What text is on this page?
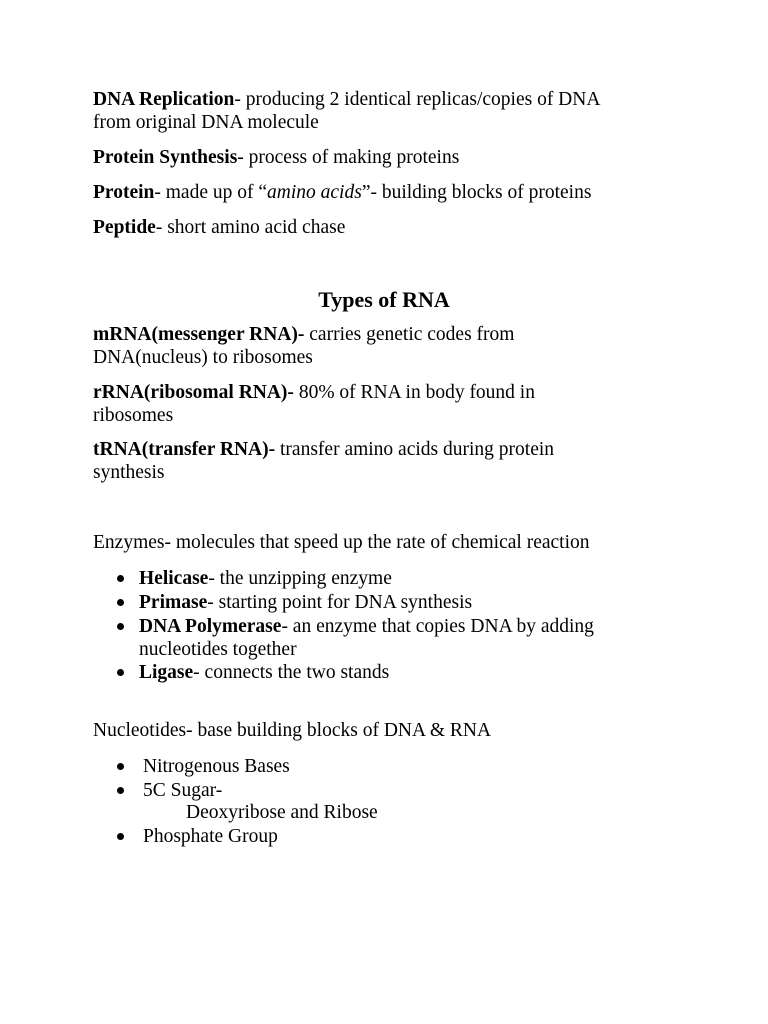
DNA Replication- producing 2 identical replicas/copies of DNA
from original DNA molecule
Protein Synthesis- process of making proteins
Protein- made up of “amino acids”- building blocks of proteins
Peptide- short amino acid chase
Types of RNA
mRNA(messenger RNA)- carries genetic codes from
DNA(nucleus) to ribosomes
rRNA(ribosomal RNA)- 80% of RNA in body found in
ribosomes
tRNA(transfer RNA)- transfer amino acids during protein
synthesis
Enzymes- molecules that speed up the rate of chemical reaction
Helicase- the unzipping enzyme
Primase- starting point for DNA synthesis
DNA Polymerase- an enzyme that copies DNA by adding
nucleotides together
Ligase- connects the two stands
Nucleotides- base building blocks of DNA & RNA
Nitrogenous Bases
5C Sugar-
Deoxyribose and Ribose
Phosphate Group
